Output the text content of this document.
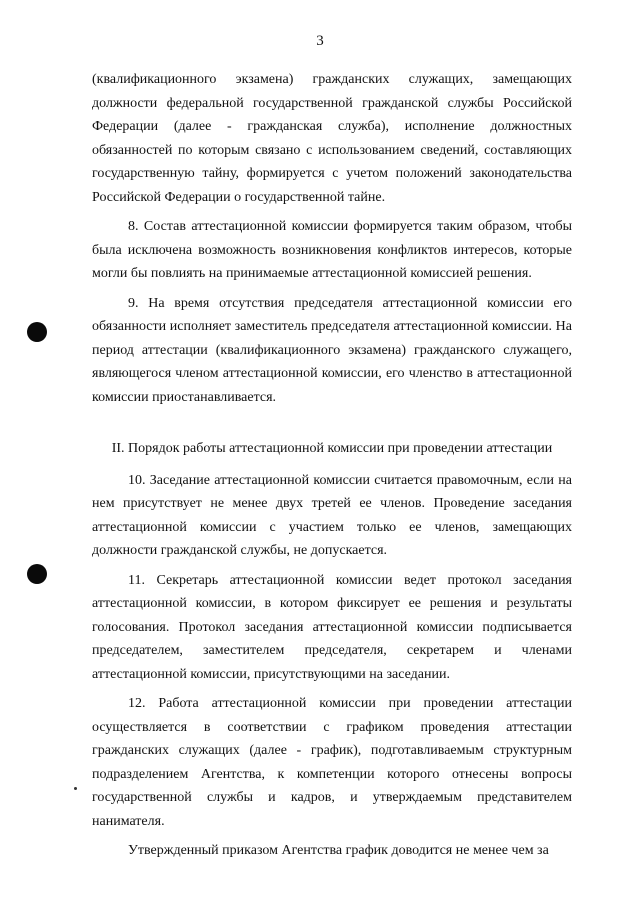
3

(квалификационного экзамена) гражданских служащих, замещающих должности федеральной государственной гражданской службы Российской Федерации (далее - гражданская служба), исполнение должностных обязанностей по которым связано с использованием сведений, составляющих государственную тайну, формируется с учетом положений законодательства Российской Федерации о государственной тайне.

8. Состав аттестационной комиссии формируется таким образом, чтобы была исключена возможность возникновения конфликтов интересов, которые могли бы повлиять на принимаемые аттестационной комиссией решения.

9. На время отсутствия председателя аттестационной комиссии его обязанности исполняет заместитель председателя аттестационной комиссии. На период аттестации (квалификационного экзамена) гражданского служащего, являющегося членом аттестационной комиссии, его членство в аттестационной комиссии приостанавливается.

II. Порядок работы аттестационной комиссии при проведении аттестации

10. Заседание аттестационной комиссии считается правомочным, если на нем присутствует не менее двух третей ее членов. Проведение заседания аттестационной комиссии с участием только ее членов, замещающих должности гражданской службы, не допускается.

11. Секретарь аттестационной комиссии ведет протокол заседания аттестационной комиссии, в котором фиксирует ее решения и результаты голосования. Протокол заседания аттестационной комиссии подписывается председателем, заместителем председателя, секретарем и членами аттестационной комиссии, присутствующими на заседании.

12. Работа аттестационной комиссии при проведении аттестации осуществляется в соответствии с графиком проведения аттестации гражданских служащих (далее - график), подготавливаемым структурным подразделением Агентства, к компетенции которого отнесены вопросы государственной службы и кадров, и утверждаемым представителем нанимателя.

Утвержденный приказом Агентства график доводится не менее чем за
